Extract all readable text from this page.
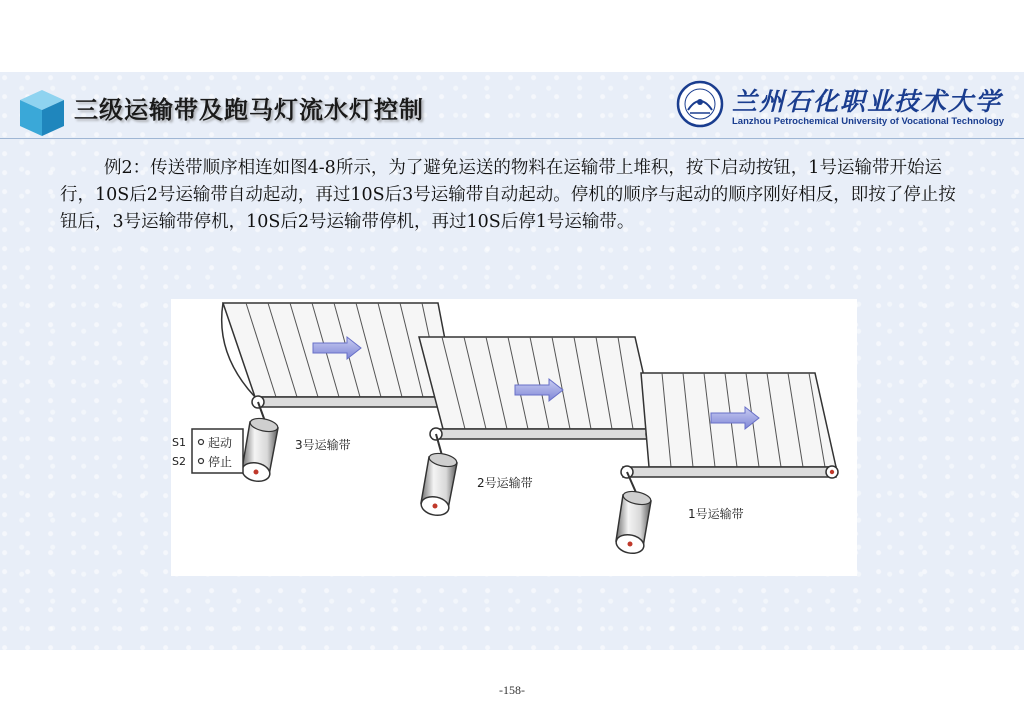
三级运输带及跑马灯流水灯控制	兰州石化职业技术大学
Lanzhou Petrochemical University of Vocational Technology

例2：传送带顺序相连如图4-8所示，为了避免运送的物料在运输带上堆积，按下启动按钮，1号运输带开始运行，10S后2号运输带自动起动，再过10S后3号运输带自动起动。停机的顺序与起动的顺序刚好相反，即按了停止按钮后，3号运输带停机，10S后2号运输带停机，再过10S后停1号运输带。

S1
S2
起动
停止
3号运输带
2号运输带
1号运输带
-158-
